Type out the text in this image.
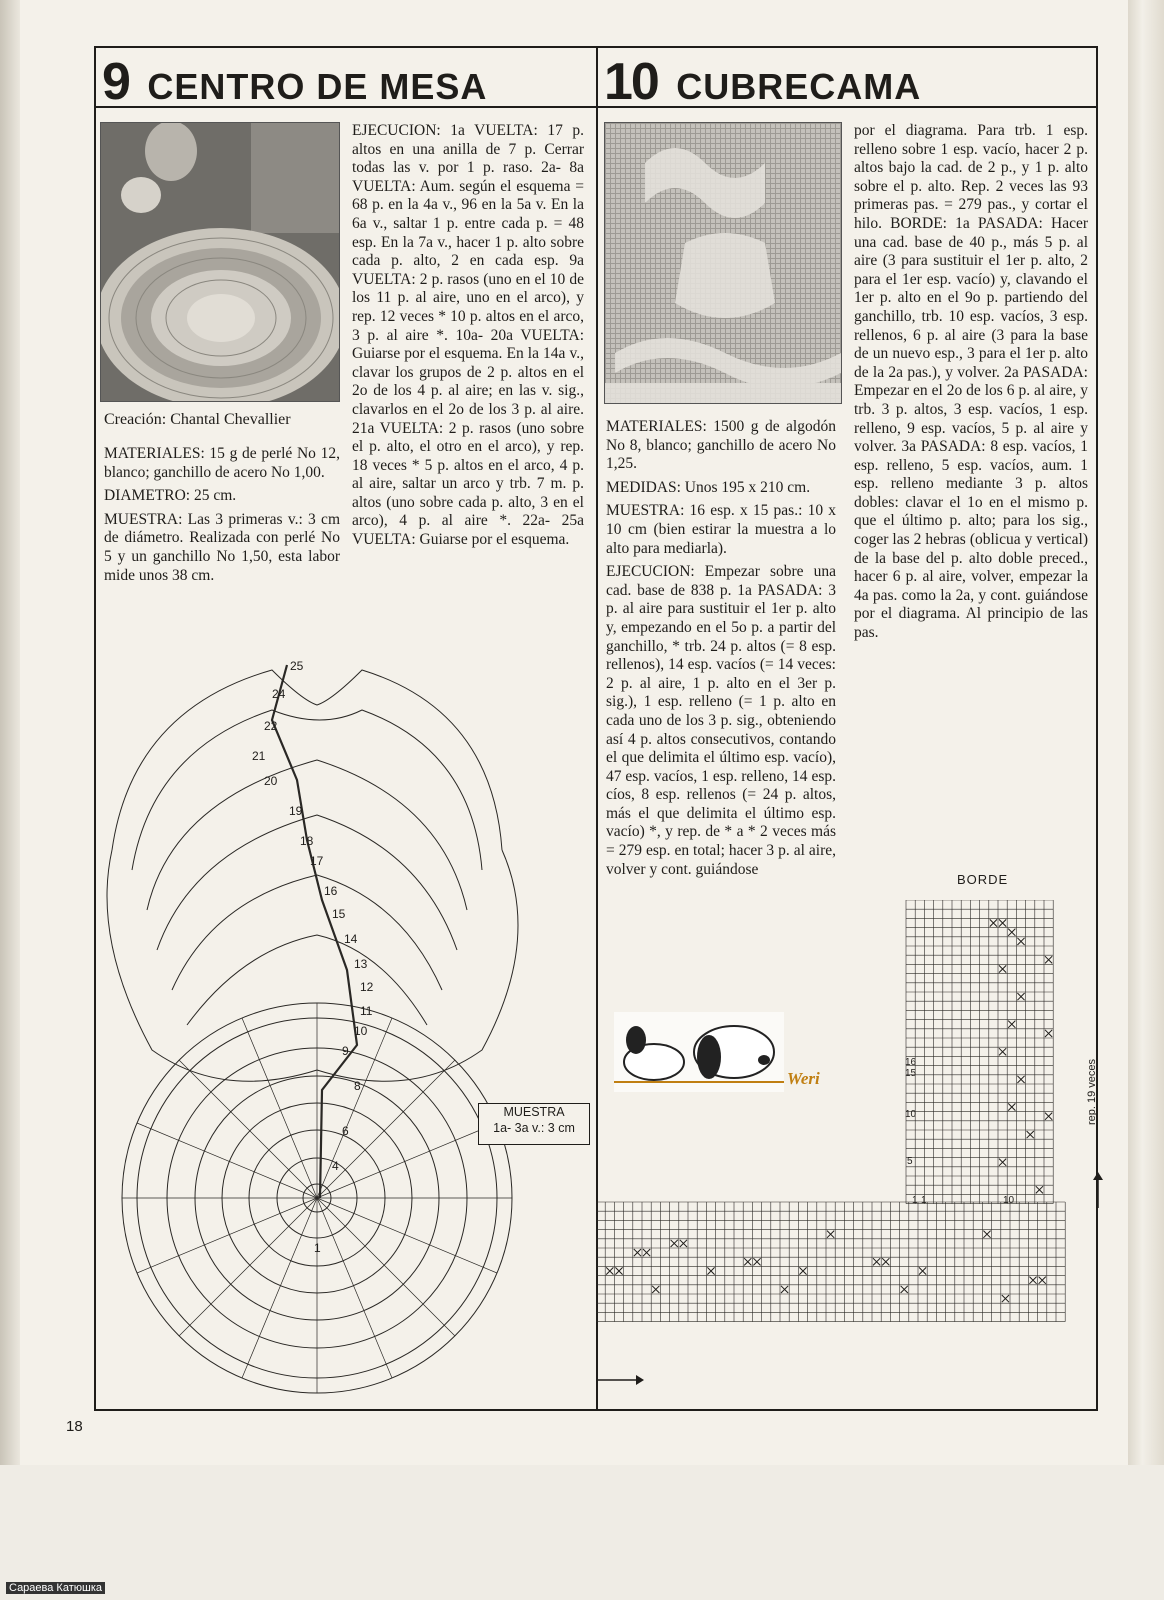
9 CENTRO DE MESA 10 CUBRECAMA
Creación: Chantal Chevallier

MATERIALES: 15 g de perlé No 12, blanco; ganchillo de acero No 1,00.

DIAMETRO: 25 cm.

MUESTRA: Las 3 primeras v.: 3 cm de diámetro. Realizada con perlé No 5 y un ganchillo No 1,50, esta labor mide unos 38 cm.

EJECUCION: 1a VUELTA: 17 p. altos en una anilla de 7 p. Cerrar todas las v. por 1 p. raso. 2a- 8a VUELTA: Aum. según el esquema = 68 p. en la 4a v., 96 en la 5a v. En la 6a v., saltar 1 p. entre cada p. = 48 esp. En la 7a v., hacer 1 p. alto sobre cada p. alto, 2 en cada esp. 9a VUELTA: 2 p. rasos (uno en el 10 de los 11 p. al aire, uno en el arco), y rep. 12 veces * 10 p. altos en el arco, 3 p. al aire *. 10a- 20a VUELTA: Guiarse por el esquema. En la 14a v., clavar los grupos de 2 p. altos en el 2o de los 4 p. al aire; en las v. sig., clavarlos en el 2o de los 3 p. al aire. 21a VUELTA: 2 p. rasos (uno sobre el p. alto, el otro en el arco), y rep. 18 veces * 5 p. altos en el arco, 4 p. al aire, saltar un arco y trb. 7 m. p. altos (uno sobre cada p. alto, 3 en el arco), 4 p. al aire *. 22a- 25a VUELTA: Guiarse por el esquema.
25
24
22
21
20
19
18
17
16
15
14
13
12
11
10
9
8
6
4
1
MUESTRA
1a- 3a v.: 3 cm
18

MATERIALES: 1500 g de algodón No 8, blanco; ganchillo de acero No 1,25.

MEDIDAS: Unos 195 x 210 cm.

MUESTRA: 16 esp. x 15 pas.: 10 x 10 cm (bien estirar la muestra a lo alto para mediarla).

EJECUCION: Empezar sobre una cad. base de 838 p. 1a PASADA: 3 p. al aire para sustituir el 1er p. alto y, empezando en el 5o p. a partir del ganchillo, * trb. 24 p. altos (= 8 esp. rellenos), 14 esp. vacíos (= 14 veces: 2 p. al aire, 1 p. alto en el 3er p. sig.), 1 esp. relleno (= 1 p. alto en cada uno de los 3 p. sig., obteniendo así 4 p. altos consecutivos, contando el que delimita el último esp. vacío), 47 esp. vacíos, 1 esp. relleno, 14 esp. cíos, 8 esp. rellenos (= 24 p. altos, más el que delimita el último esp. vacío) *, y rep. de * a * 2 veces más = 279 esp. en total; hacer 3 p. al aire, volver y cont. guiándose

por el diagrama. Para trb. 1 esp. relleno sobre 1 esp. vacío, hacer 2 p. altos bajo la cad. de 2 p., y 1 p. alto sobre el p. alto. Rep. 2 veces las 93 primeras pas. = 279 pas., y cortar el hilo. BORDE: 1a PASADA: Hacer una cad. base de 40 p., más 5 p. al aire (3 para sustituir el 1er p. alto, 2 para el 1er esp. vacío) y, clavando el 1er p. alto en el 9o p. partiendo del ganchillo, trb. 10 esp. vacíos, 3 esp. rellenos, 6 p. al aire (3 para la base de un nuevo esp., 3 para el 1er p. alto de la 2a pas.), y volver. 2a PASADA: Empezar en el 2o de los 6 p. al aire, y trb. 3 p. altos, 3 esp. vacíos, 1 esp. relleno, 9 esp. vacíos, 5 p. al aire y volver. 3a PASADA: 8 esp. vacíos, 1 esp. relleno, 5 esp. vacíos, aum. 1 esp. relleno mediante 3 p. altos dobles: clavar el 1o en el mismo p. que el último p. alto; para los sig., coger las 2 hebras (oblicua y vertical) de la base del p. alto doble preced., hacer 6 p. al aire, volver, empezar la 4a pas. como la 2a, y cont. guiándose por el diagrama. Al principio de las pas.
Weri
BORDE
rep. 19 veces
16
15
10
5
1 1	10
Сараева Катюшка
